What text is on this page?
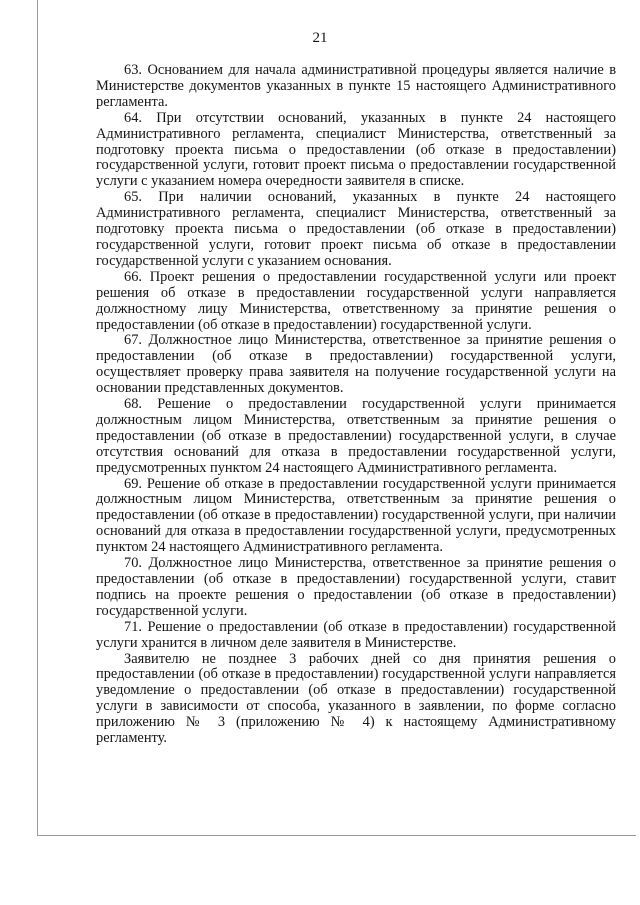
21

63. Основанием для начала административной процедуры является наличие в Министерстве документов указанных в пункте 15 настоящего Административного регламента.

64. При отсутствии оснований, указанных в пункте 24 настоящего Административного регламента, специалист Министерства, ответственный за подготовку проекта письма о предоставлении (об отказе в предоставлении) государственной услуги, готовит проект письма о предоставлении государственной услуги с указанием номера очередности заявителя в списке.

65. При наличии оснований, указанных в пункте 24 настоящего Административного регламента, специалист Министерства, ответственный за подготовку проекта письма о предоставлении (об отказе в предоставлении) государственной услуги, готовит проект письма об отказе в предоставлении государственной услуги с указанием основания.

66. Проект решения о предоставлении государственной услуги или проект решения об отказе в предоставлении государственной услуги направляется должностному лицу Министерства, ответственному за принятие решения о предоставлении (об отказе в предоставлении) государственной услуги.

67. Должностное лицо Министерства, ответственное за принятие решения о предоставлении (об отказе в предоставлении) государственной услуги, осуществляет проверку права заявителя на получение государственной услуги на основании представленных документов.

68. Решение о предоставлении государственной услуги принимается должностным лицом Министерства, ответственным за принятие решения о предоставлении (об отказе в предоставлении) государственной услуги, в случае отсутствия оснований для отказа в предоставлении государственной услуги, предусмотренных пунктом 24 настоящего Административного регламента.

69. Решение об отказе в предоставлении государственной услуги принимается должностным лицом Министерства, ответственным за принятие решения о предоставлении (об отказе в предоставлении) государственной услуги, при наличии оснований для отказа в предоставлении государственной услуги, предусмотренных пунктом 24 настоящего Административного регламента.

70. Должностное лицо Министерства, ответственное за принятие решения о предоставлении (об отказе в предоставлении) государственной услуги, ставит подпись на проекте решения о предоставлении (об отказе в предоставлении) государственной услуги.

71. Решение о предоставлении (об отказе в предоставлении) государственной услуги хранится в личном деле заявителя в Министерстве.

Заявителю не позднее 3 рабочих дней со дня принятия решения о предоставлении (об отказе в предоставлении) государственной услуги направляется уведомление о предоставлении (об отказе в предоставлении) государственной услуги в зависимости от способа, указанного в заявлении, по форме согласно приложению № 3 (приложению № 4) к настоящему Административному регламенту.
